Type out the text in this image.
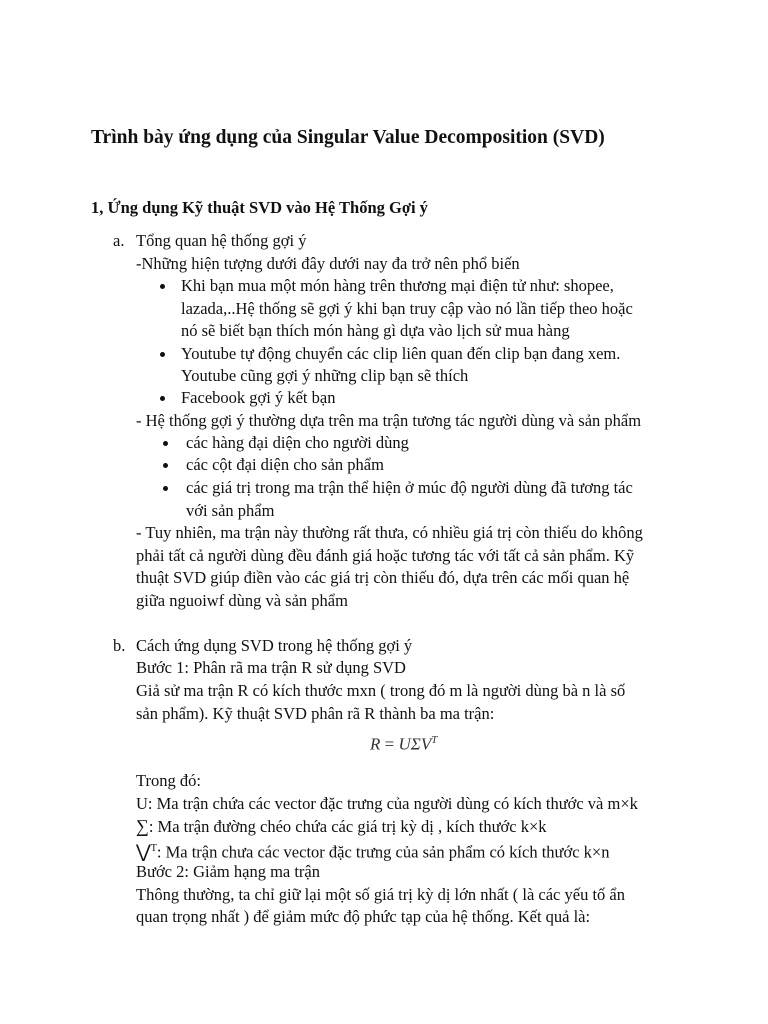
Trình bày ứng dụng của Singular Value Decomposition (SVD)
1, Ứng dụng Kỹ thuật SVD vào Hệ Thống Gợi ý
a. Tổng quan hệ thống gợi ý
-Những hiện tượng dưới đây dưới nay đa trở nên phổ biến
Khi bạn mua một món hàng trên thương mại điện tử như: shopee,
lazada,..Hệ thống sẽ gợi ý khi bạn truy cập vào nó lần tiếp theo hoặc
nó sẽ biết bạn thích món hàng gì dựa vào lịch sử mua hàng
Youtube tự động chuyển các clip liên quan đến clip bạn đang xem.
Youtube cũng gợi ý những clip bạn sẽ thích
Facebook gợi ý kết bạn
- Hệ thống gợi ý thường dựa trên ma trận tương tác người dùng và sản phẩm
các hàng đại diện cho người dùng
các cột đại diện cho sản phẩm
các giá trị trong ma trận thể hiện ở múc độ người dùng đã tương tác
với sản phẩm
- Tuy nhiên, ma trận này thường rất thưa, có nhiều giá trị còn thiếu do không
phải tất cả người dùng đều đánh giá hoặc tương tác với tất cả sản phẩm. Kỹ
thuật SVD giúp điền vào các giá trị còn thiếu đó, dựa trên các mối quan hệ
giữa nguoiwf dùng và sản phẩm
b. Cách ứng dụng SVD trong hệ thống gợi ý
Bước 1: Phân rã ma trận R sử dụng SVD
Giả sử ma trận R có kích thước mxn ( trong đó m là người dùng bà n là số
sản phẩm). Kỹ thuật SVD phân rã R thành ba ma trận:
$R = U\Sigma V^T$
Trong đó:
U: Ma trận chứa các vector đặc trưng của người dùng có kích thước và m×k
∑: Ma trận đường chéo chứa các giá trị kỳ dị , kích thước k×k
⋁$^T$: Ma trận chưa các vector đặc trưng của sản phẩm có kích thước k×n
Bước 2: Giảm hạng ma trận
Thông thường, ta chỉ giữ lại một số giá trị kỳ dị lớn nhất ( là các yếu tố ẩn
quan trọng nhất ) để giảm mức độ phức tạp của hệ thống. Kết quả là:
